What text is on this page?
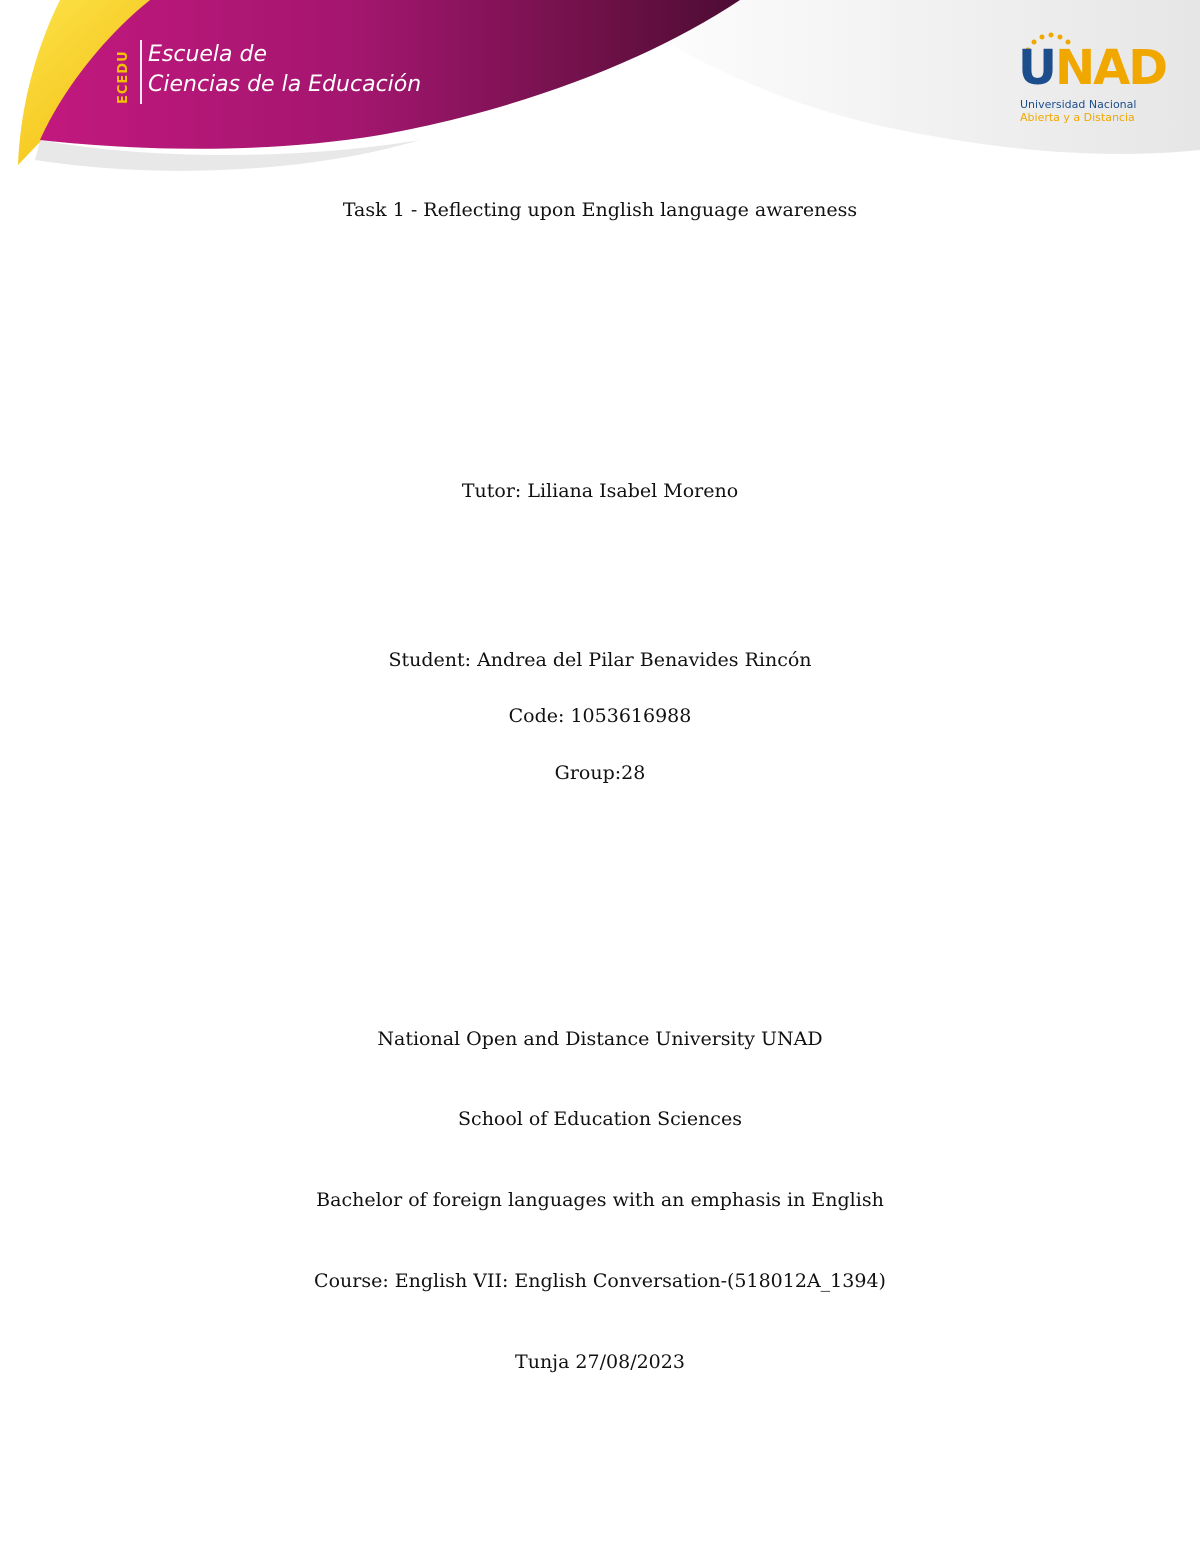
ECEDU Escuela de
Ciencias de la Educación	UNAD
Universidad Nacional
Abierta y a Distancia
Task 1 - Reflecting upon English language awareness
Tutor: Liliana Isabel Moreno
Student: Andrea del Pilar Benavides Rincón
Code: 1053616988
Group:28
National Open and Distance University UNAD
School of Education Sciences
Bachelor of foreign languages with an emphasis in English
Course: English VII: English Conversation-(518012A_1394)
Tunja 27/08/2023
